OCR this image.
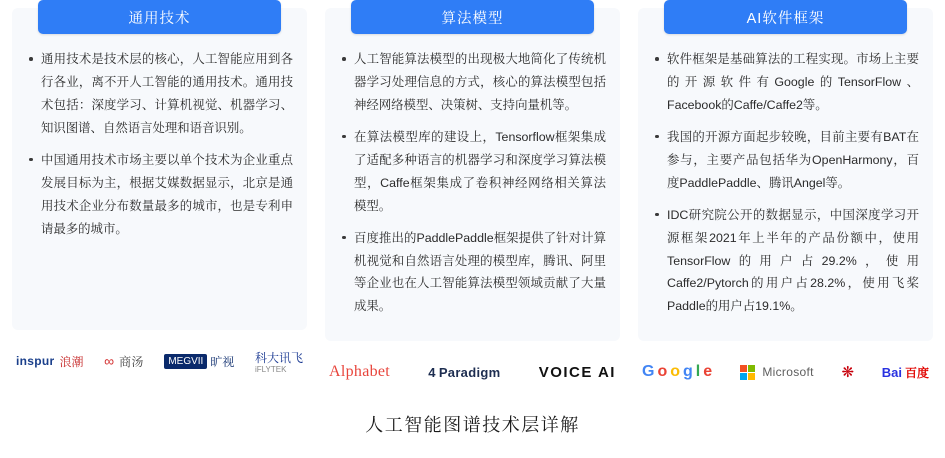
通用技术
通用技术是技术层的核心，人工智能应用到各行各业，离不开人工智能的通用技术。通用技术包括：深度学习、计算机视觉、机器学习、知识图谱、自然语言处理和语音识别。
中国通用技术市场主要以单个技术为企业重点发展目标为主，根据艾媒数据显示，北京是通用技术企业分布数量最多的城市，也是专利申请最多的城市。
inspur 浪潮 ∞ 商汤	MEGVII 旷视 科大讯飞
iFLYTEK
算法模型
人工智能算法模型的出现极大地简化了传统机器学习处理信息的方式，核心的算法模型包括神经网络模型、决策树、支持向量机等。
在算法模型库的建设上，Tensorflow框架集成了适配多种语言的机器学习和深度学习算法模型，Caffe框架集成了卷积神经网络相关算法模型。
百度推出的PaddlePaddle框架提供了针对计算机视觉和自然语言处理的模型库，腾讯、阿里等企业也在人工智能算法模型领域贡献了大量成果。
Alphabet	4 Paradigm	VOICE AI
AI软件框架
软件框架是基础算法的工程实现。市场上主要的开源软件有Google的TensorFlow、Facebook的Caffe/Caffe2等。
我国的开源方面起步较晚，目前主要有BAT在参与，主要产品包括华为OpenHarmony，百度PaddlePaddle、腾讯Angel等。
IDC研究院公开的数据显示，中国深度学习开源框架2021年上半年的产品份额中，使用TensorFlow的用户占29.2%，使用Caffe2/Pytorch的用户占28.2%，使用飞桨Paddle的用户占19.1%。
G o o g l e	Microsoft ❋ Bai 百度
人工智能图谱技术层详解
